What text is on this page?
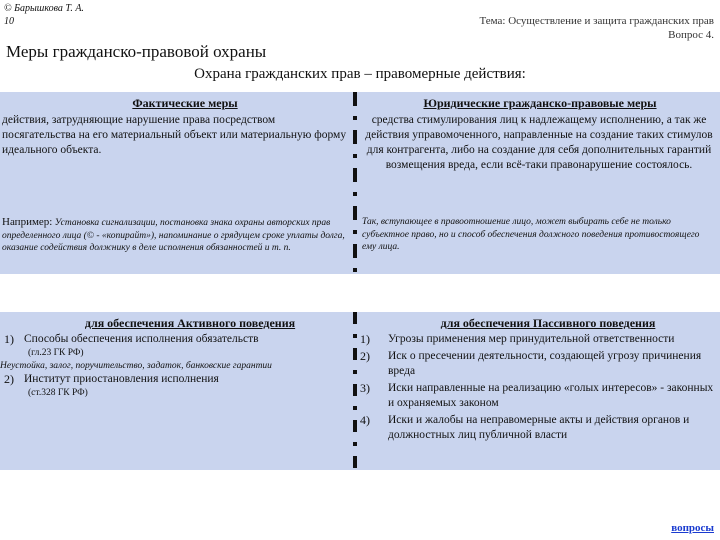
© Барышкова Т. А.
10	Тема: Осуществление и защита гражданских прав
Вопрос 4.
Меры гражданско-правовой охраны
Охрана гражданских прав – правомерные действия:
Фактические меры
действия, затрудняющие нарушение права посредством посягательства на его материальный объект или материальную форму идеального объекта.
Например: Установка сигнализации, постановка знака охраны авторских прав определенного лица (© - «копирайт»), напоминание о грядущем сроке уплаты долга, оказание содействия должнику в деле исполнения обязанностей и т. п.
Юридические гражданско-правовые меры
средства стимулирования лиц к надлежащему исполнению, а так же действия управомоченного, направленные на создание таких стимулов для контрагента, либо на создание для себя дополнительных гарантий возмещения вреда, если всё-таки правонарушение состоялось.
Так, вступающее в правоотношение лицо, может выбирать себе не только субъектное право, но и способ обеспечения должного поведения противостоящего ему лица.
для обеспечения Активного поведения
1) Способы обеспечения исполнения обязательств
(гл.23 ГК РФ)
Неустойка, залог, поручительство, задаток, банковские гарантии
2) Институт приостановления исполнения
(ст.328 ГК РФ)
для обеспечения Пассивного поведения
1)	Угрозы применения мер принудительной ответственности
2)	Иск о пресечении деятельности, создающей угрозу причинения вреда
3)	Иски направленные на реализацию «голых интересов» - законных и охраняемых законом
4)	Иски и жалобы на неправомерные акты и действия органов и должностных лиц публичной власти
вопросы
